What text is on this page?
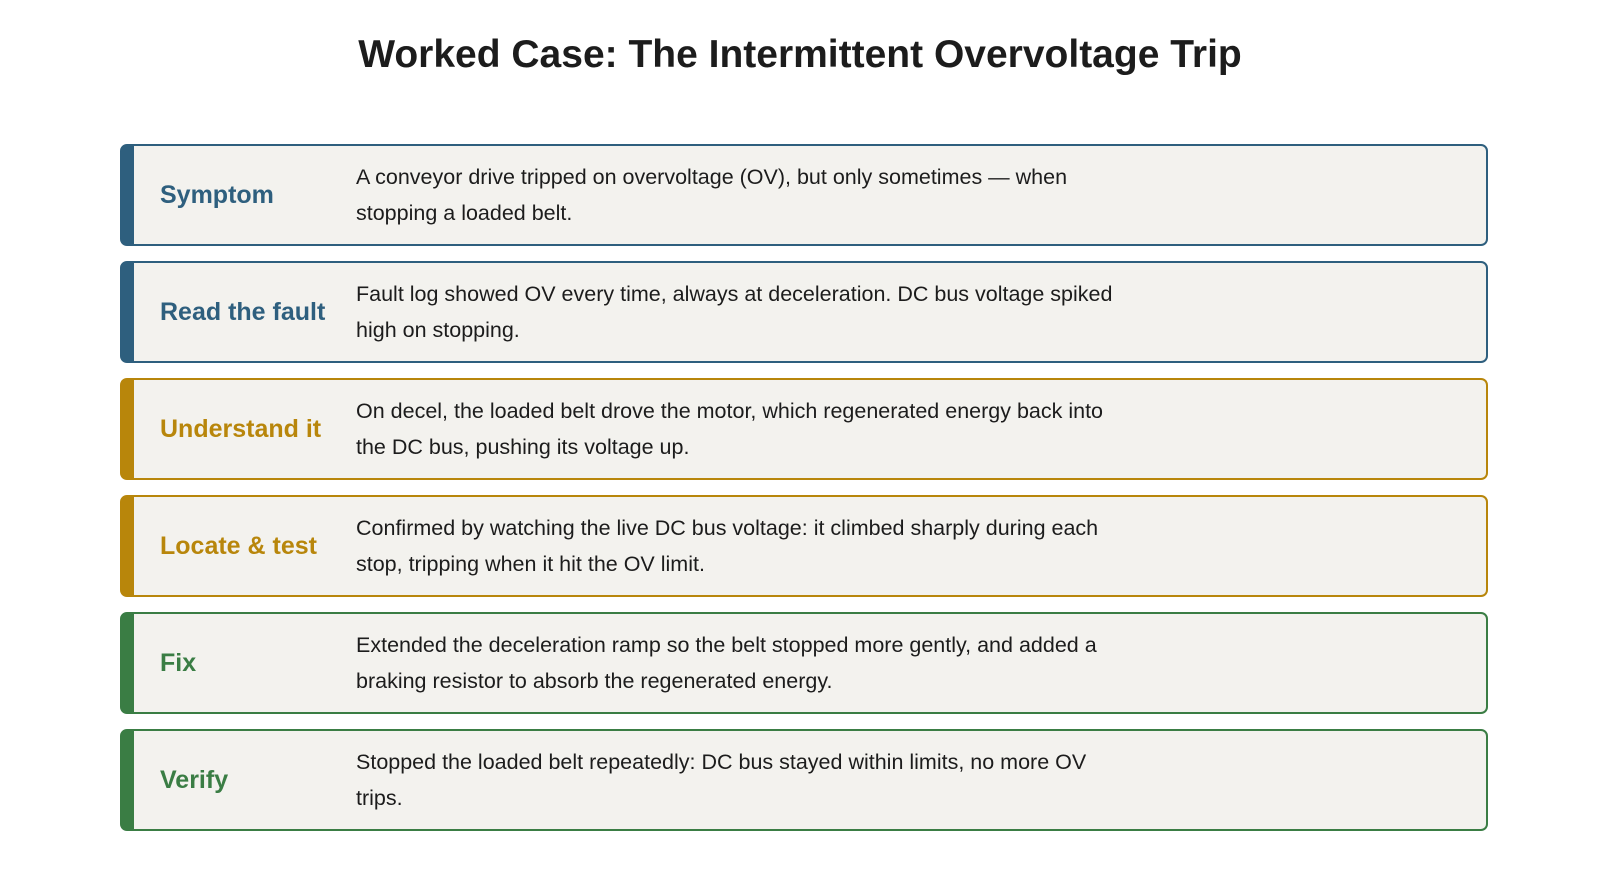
Worked Case: The Intermittent Overvoltage Trip
Symptom
A conveyor drive tripped on overvoltage (OV), but only sometimes — when stopping a loaded belt.
Read the fault
Fault log showed OV every time, always at deceleration. DC bus voltage spiked high on stopping.
Understand it
On decel, the loaded belt drove the motor, which regenerated energy back into the DC bus, pushing its voltage up.
Locate & test
Confirmed by watching the live DC bus voltage: it climbed sharply during each stop, tripping when it hit the OV limit.
Fix
Extended the deceleration ramp so the belt stopped more gently, and added a braking resistor to absorb the regenerated energy.
Verify
Stopped the loaded belt repeatedly: DC bus stayed within limits, no more OV trips.
